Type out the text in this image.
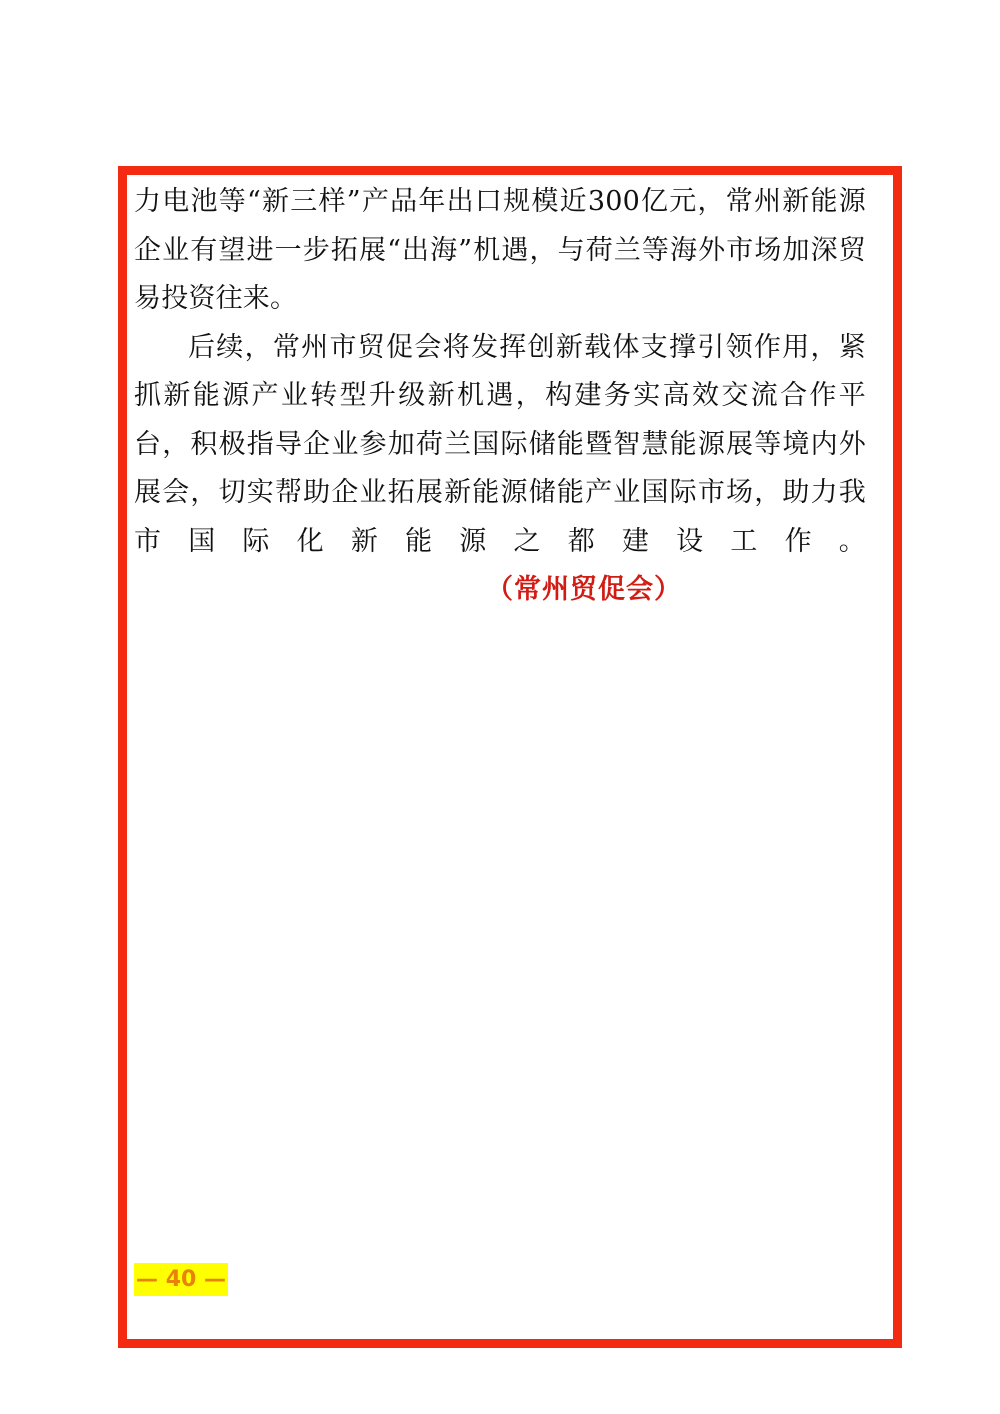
力电池等“新三样”产品年出口规模近300亿元，常州新能源企业有望进一步拓展“出海”机遇，与荷兰等海外市场加深贸易投资往来。

后续，常州市贸促会将发挥创新载体支撑引领作用，紧抓新能源产业转型升级新机遇，构建务实高效交流合作平台，积极指导企业参加荷兰国际储能暨智慧能源展等境内外展会，切实帮助企业拓展新能源储能产业国际市场，助力我市国际化新能源之都建设工作。（常州贸促会）

— 40 —
